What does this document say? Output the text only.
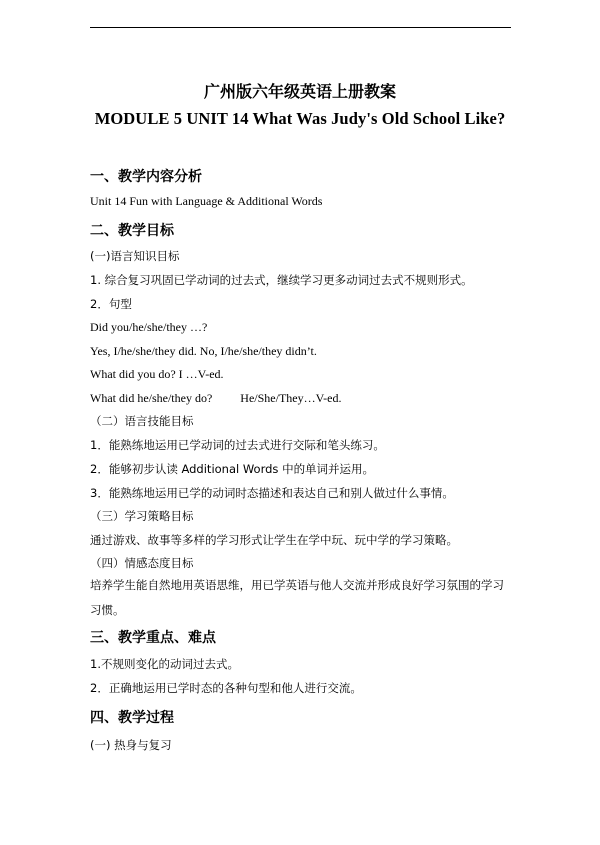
广州版六年级英语上册教案
MODULE 5 UNIT 14 What Was Judy's Old School Like?
一、教学内容分析
Unit 14 Fun with Language & Additional Words
二、教学目标
(一)语言知识目标
1. 综合复习巩固已学动词的过去式，继续学习更多动词过去式不规则形式。
2．句型
Did you/he/she/they …?
Yes, I/he/she/they did. No, I/he/she/they didn’t.
What did you do? I …V-ed.
What did he/she/they do? He/She/They…V-ed.
（二）语言技能目标
1．能熟练地运用已学动词的过去式进行交际和笔头练习。
2．能够初步认读 Additional Words 中的单词并运用。
3．能熟练地运用已学的动词时态描述和表达自己和别人做过什么事情。
（三）学习策略目标
通过游戏、故事等多样的学习形式让学生在学中玩、玩中学的学习策略。
（四）情感态度目标
培养学生能自然地用英语思维，用已学英语与他人交流并形成良好学习氛围的学习习惯。
三、教学重点、难点
1.不规则变化的动词过去式。
2．正确地运用已学时态的各种句型和他人进行交流。
四、教学过程
(一) 热身与复习
